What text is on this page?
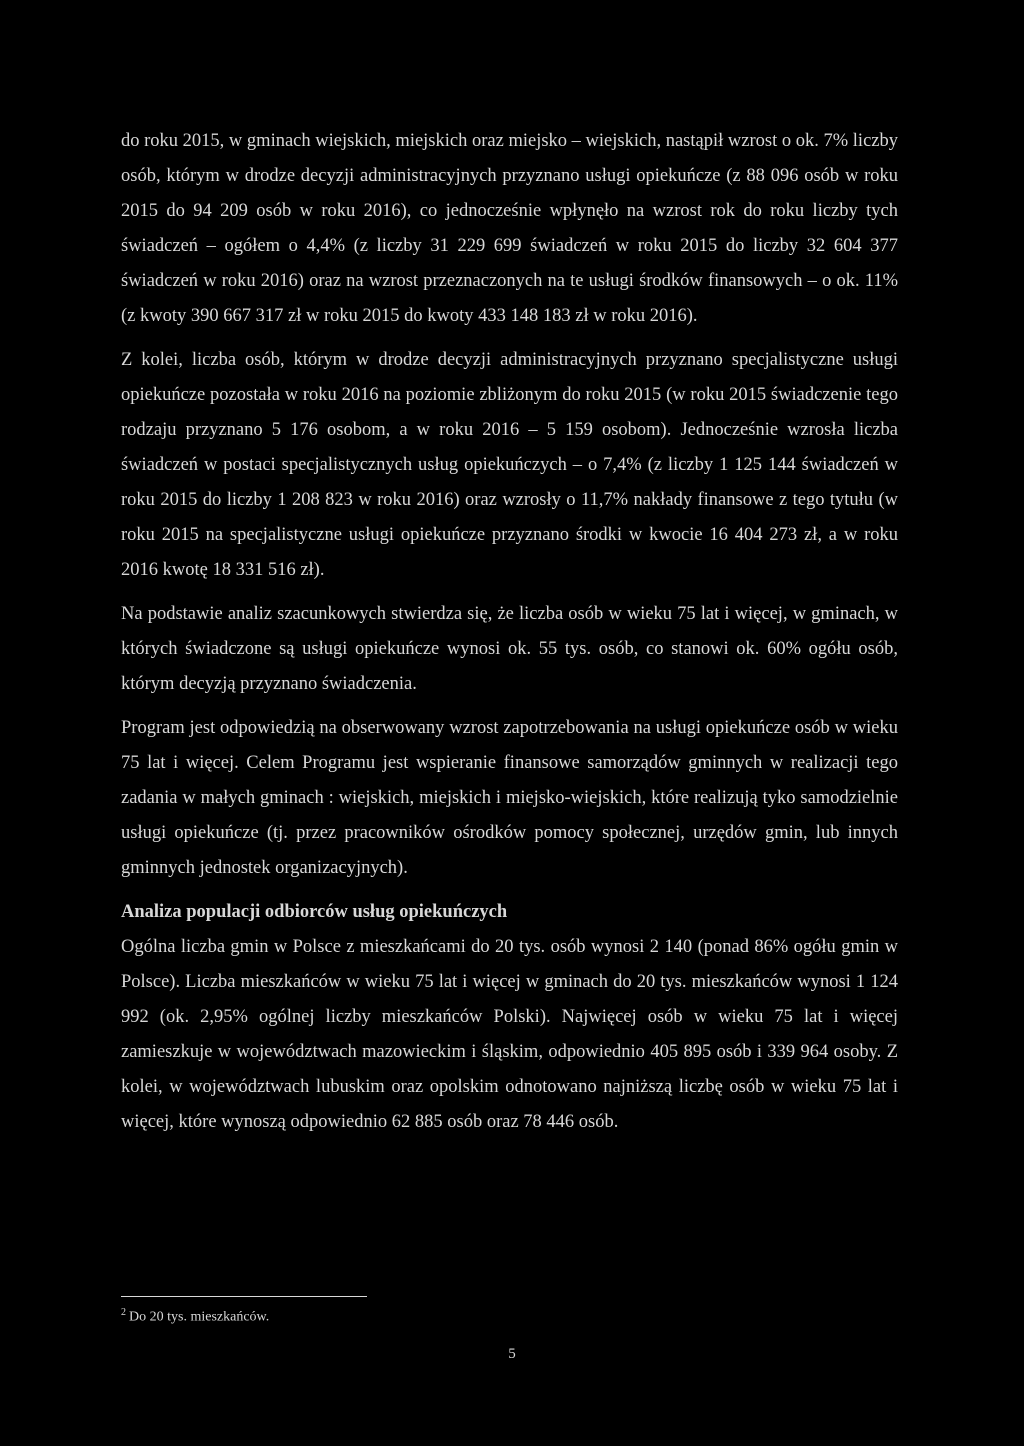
do roku 2015, w gminach wiejskich, miejskich oraz miejsko – wiejskich, nastąpił wzrost o ok. 7% liczby osób, którym w drodze decyzji administracyjnych przyznano usługi opiekuńcze (z 88 096 osób w roku 2015 do 94 209 osób w roku 2016), co jednocześnie wpłynęło na wzrost rok do roku liczby tych świadczeń – ogółem o 4,4% (z liczby 31 229 699 świadczeń w roku 2015 do liczby 32 604 377 świadczeń w roku 2016) oraz na wzrost przeznaczonych na te usługi środków finansowych – o ok. 11% (z kwoty 390 667 317 zł w roku 2015 do kwoty 433 148 183 zł w roku 2016).

Z kolei, liczba osób, którym w drodze decyzji administracyjnych przyznano specjalistyczne usługi opiekuńcze pozostała w roku 2016 na poziomie zbliżonym do roku 2015 (w roku 2015 świadczenie tego rodzaju przyznano 5 176 osobom, a w roku 2016 – 5 159 osobom). Jednocześnie wzrosła liczba świadczeń w postaci specjalistycznych usług opiekuńczych – o 7,4% (z liczby 1 125 144 świadczeń w roku 2015 do liczby 1 208 823 w roku 2016) oraz wzrosły o 11,7% nakłady finansowe z tego tytułu (w roku 2015 na specjalistyczne usługi opiekuńcze przyznano środki w kwocie 16 404 273 zł, a w roku 2016 kwotę 18 331 516 zł).

Na podstawie analiz szacunkowych stwierdza się, że liczba osób w wieku 75 lat i więcej, w gminach, w których świadczone są usługi opiekuńcze wynosi ok. 55 tys. osób, co stanowi ok. 60% ogółu osób, którym decyzją przyznano świadczenia.

Program jest odpowiedzią na obserwowany wzrost zapotrzebowania na usługi opiekuńcze osób w wieku 75 lat i więcej. Celem Programu jest wspieranie finansowe samorządów gminnych w realizacji tego zadania w małych gminach : wiejskich, miejskich i miejsko-wiejskich, które realizują tyko samodzielnie usługi opiekuńcze (tj. przez pracowników ośrodków pomocy społecznej, urzędów gmin, lub innych gminnych jednostek organizacyjnych).

Analiza populacji odbiorców usług opiekuńczych

Ogólna liczba gmin w Polsce z mieszkańcami do 20 tys. osób wynosi 2 140 (ponad 86% ogółu gmin w Polsce). Liczba mieszkańców w wieku 75 lat i więcej w gminach do 20 tys. mieszkańców wynosi 1 124 992 (ok. 2,95% ogólnej liczby mieszkańców Polski). Najwięcej osób w wieku 75 lat i więcej zamieszkuje w województwach mazowieckim i śląskim, odpowiednio 405 895 osób i 339 964 osoby. Z kolei, w województwach lubuskim oraz opolskim odnotowano najniższą liczbę osób w wieku 75 lat i więcej, które wynoszą odpowiednio 62 885 osób oraz 78 446 osób.

$^2$ Do 20 tys. mieszkańców.
5
